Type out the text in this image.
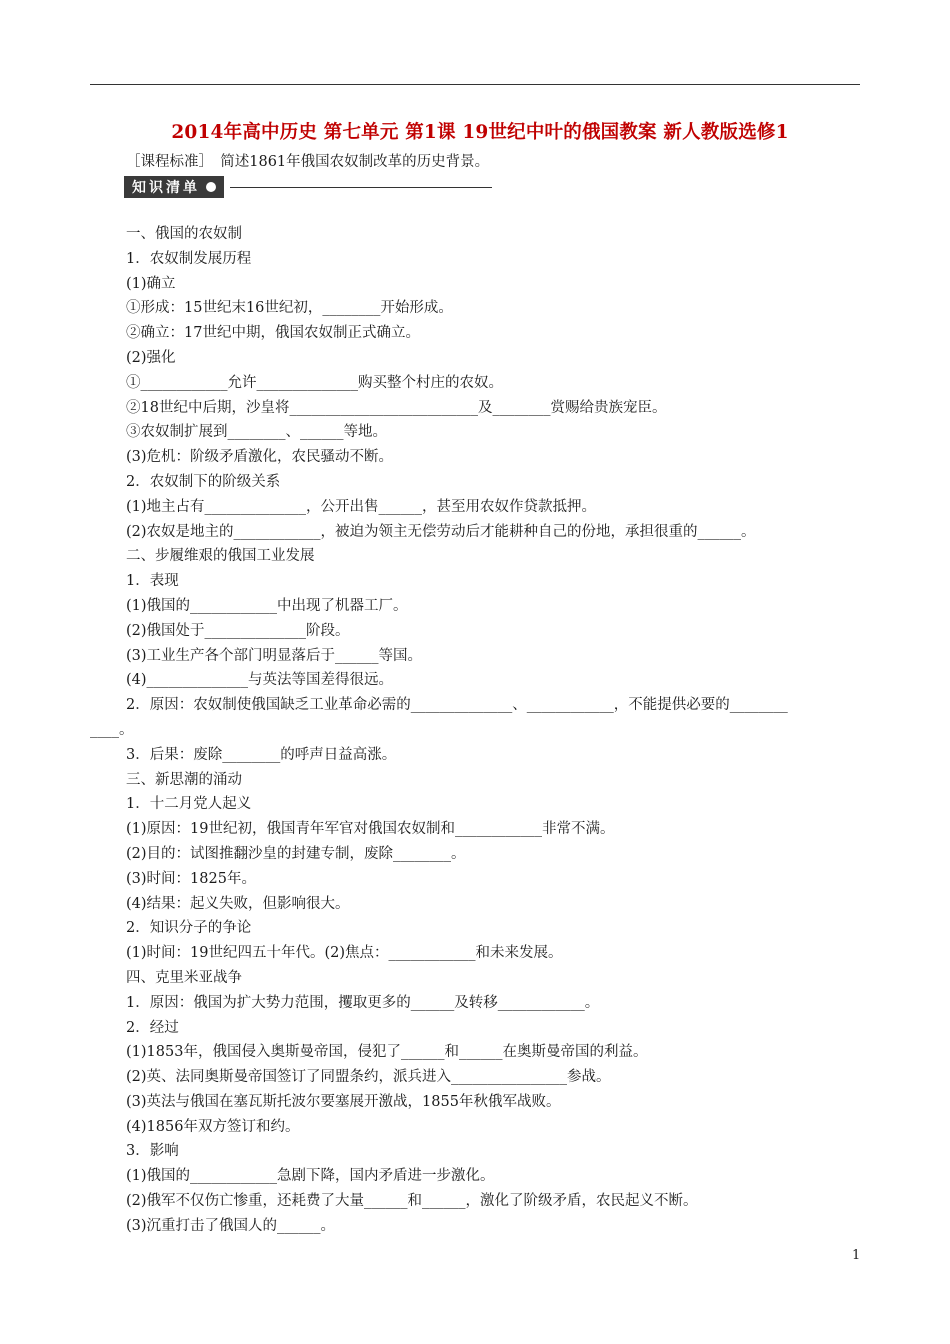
2014年高中历史 第七单元 第1课 19世纪中叶的俄国教案 新人教版选修1
［课程标准］　简述1861年俄国农奴制改革的历史背景。
知识清单
一、俄国的农奴制
1．农奴制发展历程
(1)确立
①形成：15世纪末16世纪初，________开始形成。
②确立：17世纪中期，俄国农奴制正式确立。
(2)强化
①____________允许______________购买整个村庄的农奴。
②18世纪中后期，沙皇将__________________________及________赏赐给贵族宠臣。
③农奴制扩展到________、______等地。
(3)危机：阶级矛盾激化，农民骚动不断。
2．农奴制下的阶级关系
(1)地主占有______________，公开出售______，甚至用农奴作贷款抵押。
(2)农奴是地主的____________，被迫为领主无偿劳动后才能耕种自己的份地，承担很重的______。
二、步履维艰的俄国工业发展
1．表现
(1)俄国的____________中出现了机器工厂。
(2)俄国处于______________阶段。
(3)工业生产各个部门明显落后于______等国。
(4)______________与英法等国差得很远。
2．原因：农奴制使俄国缺乏工业革命必需的______________、____________，不能提供必要的________
____。
3．后果：废除________的呼声日益高涨。
三、新思潮的涌动
1．十二月党人起义
(1)原因：19世纪初，俄国青年军官对俄国农奴制和____________非常不满。
(2)目的：试图推翻沙皇的封建专制，废除________。
(3)时间：1825年。
(4)结果：起义失败，但影响很大。
2．知识分子的争论
(1)时间：19世纪四五十年代。(2)焦点：____________和未来发展。
四、克里米亚战争
1．原因：俄国为扩大势力范围，攫取更多的______及转移____________。
2．经过
(1)1853年，俄国侵入奥斯曼帝国，侵犯了______和______在奥斯曼帝国的利益。
(2)英、法同奥斯曼帝国签订了同盟条约，派兵进入________________参战。
(3)英法与俄国在塞瓦斯托波尔要塞展开激战，1855年秋俄军战败。
(4)1856年双方签订和约。
3．影响
(1)俄国的____________急剧下降，国内矛盾进一步激化。
(2)俄军不仅伤亡惨重，还耗费了大量______和______，激化了阶级矛盾，农民起义不断。
(3)沉重打击了俄国人的______。
1
